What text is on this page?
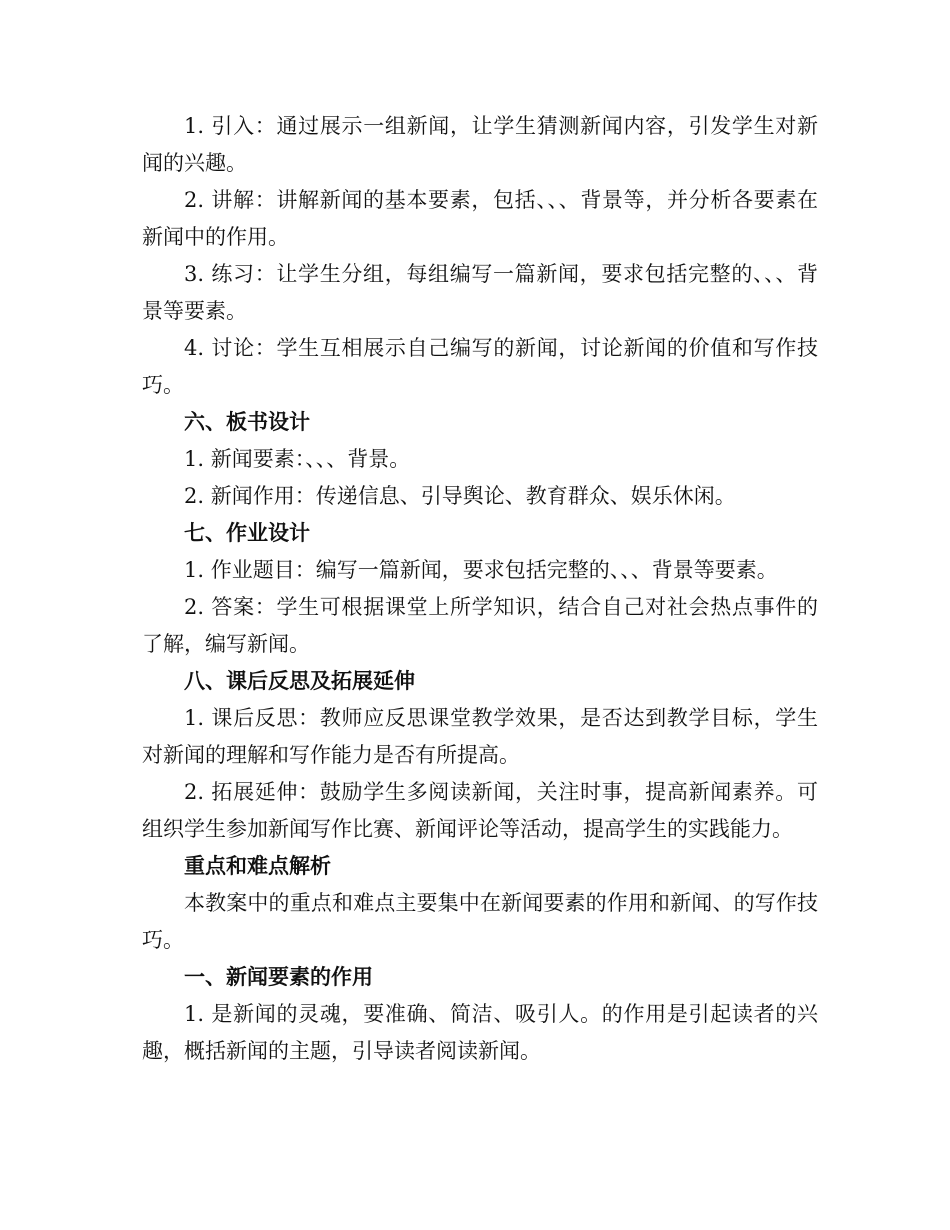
1. 引入：通过展示一组新闻，让学生猜测新闻内容，引发学生对新闻的兴趣。

2. 讲解：讲解新闻的基本要素，包括、、、背景等，并分析各要素在新闻中的作用。

3. 练习：让学生分组，每组编写一篇新闻，要求包括完整的、、、背景等要素。

4. 讨论：学生互相展示自己编写的新闻，讨论新闻的价值和写作技巧。

六、板书设计

1. 新闻要素：、、、背景。

2. 新闻作用：传递信息、引导舆论、教育群众、娱乐休闲。

七、作业设计

1. 作业题目：编写一篇新闻，要求包括完整的、、、背景等要素。

2. 答案：学生可根据课堂上所学知识，结合自己对社会热点事件的了解，编写新闻。

八、课后反思及拓展延伸

1. 课后反思：教师应反思课堂教学效果，是否达到教学目标，学生对新闻的理解和写作能力是否有所提高。

2. 拓展延伸：鼓励学生多阅读新闻，关注时事，提高新闻素养。可组织学生参加新闻写作比赛、新闻评论等活动，提高学生的实践能力。

重点和难点解析

本教案中的重点和难点主要集中在新闻要素的作用和新闻、的写作技巧。

一、新闻要素的作用

1. 是新闻的灵魂，要准确、简洁、吸引人。的作用是引起读者的兴趣，概括新闻的主题，引导读者阅读新闻。
